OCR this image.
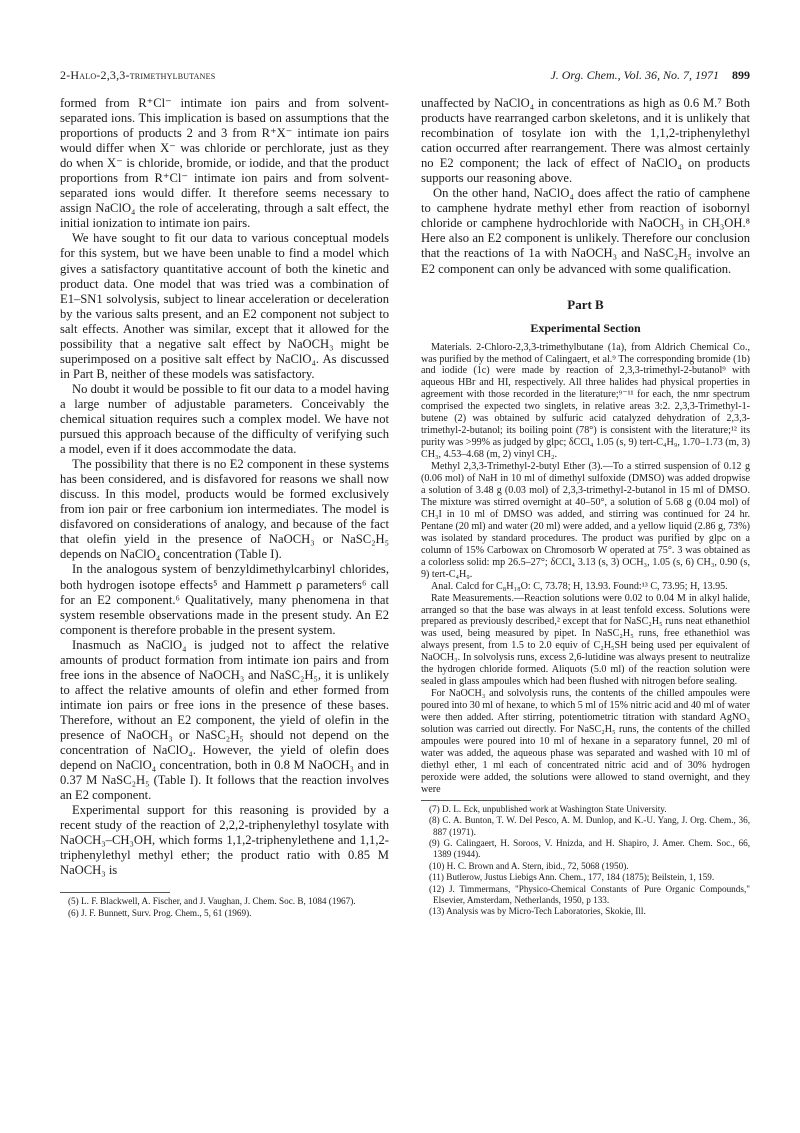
2-Halo-2,3,3-trimethylbutanes	J. Org. Chem., Vol. 36, No. 7, 1971 899

formed from R⁺Cl⁻ intimate ion pairs and from solvent-separated ions. This implication is based on assumptions that the proportions of products 2 and 3 from R⁺X⁻ intimate ion pairs would differ when X⁻ was chloride or perchlorate, just as they do when X⁻ is chloride, bromide, or iodide, and that the product proportions from R⁺Cl⁻ intimate ion pairs and from solvent-separated ions would differ. It therefore seems necessary to assign NaClO₄ the role of accelerating, through a salt effect, the initial ionization to intimate ion pairs.

We have sought to fit our data to various conceptual models for this system, but we have been unable to find a model which gives a satisfactory quantitative account of both the kinetic and product data. One model that was tried was a combination of E1–SN1 solvolysis, subject to linear acceleration or deceleration by the various salts present, and an E2 component not subject to salt effects. Another was similar, except that it allowed for the possibility that a negative salt effect by NaOCH₃ might be superimposed on a positive salt effect by NaClO₄. As discussed in Part B, neither of these models was satisfactory.

No doubt it would be possible to fit our data to a model having a large number of adjustable parameters. Conceivably the chemical situation requires such a complex model. We have not pursued this approach because of the difficulty of verifying such a model, even if it does accommodate the data.

The possibility that there is no E2 component in these systems has been considered, and is disfavored for reasons we shall now discuss. In this model, products would be formed exclusively from ion pair or free carbonium ion intermediates. The model is disfavored on considerations of analogy, and because of the fact that olefin yield in the presence of NaOCH₃ or NaSC₂H₅ depends on NaClO₄ concentration (Table I).

In the analogous system of benzyldimethylcarbinyl chlorides, both hydrogen isotope effects⁵ and Hammett ρ parameters⁶ call for an E2 component.⁶ Qualitatively, many phenomena in that system resemble observations made in the present study. An E2 component is therefore probable in the present system.

Inasmuch as NaClO₄ is judged not to affect the relative amounts of product formation from intimate ion pairs and from free ions in the absence of NaOCH₃ and NaSC₂H₅, it is unlikely to affect the relative amounts of olefin and ether formed from intimate ion pairs or free ions in the presence of these bases. Therefore, without an E2 component, the yield of olefin in the presence of NaOCH₃ or NaSC₂H₅ should not depend on the concentration of NaClO₄. However, the yield of olefin does depend on NaClO₄ concentration, both in 0.8 M NaOCH₃ and in 0.37 M NaSC₂H₅ (Table I). It follows that the reaction involves an E2 component.

Experimental support for this reasoning is provided by a recent study of the reaction of 2,2,2-triphenylethyl tosylate with NaOCH₃–CH₃OH, which forms 1,1,2-triphenylethene and 1,1,2-triphenylethyl methyl ether; the product ratio with 0.85 M NaOCH₃ is

(5) L. F. Blackwell, A. Fischer, and J. Vaughan, J. Chem. Soc. B, 1084 (1967).

(6) J. F. Bunnett, Surv. Prog. Chem., 5, 61 (1969).

unaffected by NaClO₄ in concentrations as high as 0.6 M.⁷ Both products have rearranged carbon skeletons, and it is unlikely that recombination of tosylate ion with the 1,1,2-triphenylethyl cation occurred after rearrangement. There was almost certainly no E2 component; the lack of effect of NaClO₄ on products supports our reasoning above.

On the other hand, NaClO₄ does affect the ratio of camphene to camphene hydrate methyl ether from reaction of isobornyl chloride or camphene hydrochloride with NaOCH₃ in CH₃OH.⁸ Here also an E2 component is unlikely. Therefore our conclusion that the reactions of 1a with NaOCH₃ and NaSC₂H₅ involve an E2 component can only be advanced with some qualification.

Part B

Experimental Section

Materials. 2-Chloro-2,3,3-trimethylbutane (1a), from Aldrich Chemical Co., was purified by the method of Calingaert, et al.⁹ The corresponding bromide (1b) and iodide (1c) were made by reaction of 2,3,3-trimethyl-2-butanol⁹ with aqueous HBr and HI, respectively. All three halides had physical properties in agreement with those recorded in the literature;⁹⁻¹¹ for each, the nmr spectrum comprised the expected two singlets, in relative areas 3:2. 2,3,3-Trimethyl-1-butene (2) was obtained by sulfuric acid catalyzed dehydration of 2,3,3-trimethyl-2-butanol; its boiling point (78°) is consistent with the literature;¹² its purity was >99% as judged by glpc; δCCl₄ 1.05 (s, 9) tert-C₄H₉, 1.70–1.73 (m, 3) CH₃, 4.53–4.68 (m, 2) vinyl CH₂.

Methyl 2,3,3-Trimethyl-2-butyl Ether (3).—To a stirred suspension of 0.12 g (0.06 mol) of NaH in 10 ml of dimethyl sulfoxide (DMSO) was added dropwise a solution of 3.48 g (0.03 mol) of 2,3,3-trimethyl-2-butanol in 15 ml of DMSO. The mixture was stirred overnight at 40–50°, a solution of 5.68 g (0.04 mol) of CH₃I in 10 ml of DMSO was added, and stirring was continued for 24 hr. Pentane (20 ml) and water (20 ml) were added, and a yellow liquid (2.86 g, 73%) was isolated by standard procedures. The product was purified by glpc on a column of 15% Carbowax on Chromosorb W operated at 75°. 3 was obtained as a colorless solid: mp 26.5–27°; δCCl₄ 3.13 (s, 3) OCH₃, 1.05 (s, 6) CH₃, 0.90 (s, 9) tert-C₄H₉.

Anal. Calcd for C₈H₁₈O: C, 73.78; H, 13.93. Found:¹³ C, 73.95; H, 13.95.

Rate Measurements.—Reaction solutions were 0.02 to 0.04 M in alkyl halide, arranged so that the base was always in at least tenfold excess. Solutions were prepared as previously described,² except that for NaSC₂H₅ runs neat ethanethiol was used, being measured by pipet. In NaSC₂H₅ runs, free ethanethiol was always present, from 1.5 to 2.0 equiv of C₂H₅SH being used per equivalent of NaOCH₃. In solvolysis runs, excess 2,6-lutidine was always present to neutralize the hydrogen chloride formed. Aliquots (5.0 ml) of the reaction solution were sealed in glass ampoules which had been flushed with nitrogen before sealing.

For NaOCH₃ and solvolysis runs, the contents of the chilled ampoules were poured into 30 ml of hexane, to which 5 ml of 15% nitric acid and 40 ml of water were then added. After stirring, potentiometric titration with standard AgNO₃ solution was carried out directly. For NaSC₂H₅ runs, the contents of the chilled ampoules were poured into 10 ml of hexane in a separatory funnel, 20 ml of water was added, the aqueous phase was separated and washed with 10 ml of diethyl ether, 1 ml each of concentrated nitric acid and of 30% hydrogen peroxide were added, the solutions were allowed to stand overnight, and they were

(7) D. L. Eck, unpublished work at Washington State University.

(8) C. A. Bunton, T. W. Del Pesco, A. M. Dunlop, and K.-U. Yang, J. Org. Chem., 36, 887 (1971).

(9) G. Calingaert, H. Soroos, V. Hnizda, and H. Shapiro, J. Amer. Chem. Soc., 66, 1389 (1944).

(10) H. C. Brown and A. Stern, ibid., 72, 5068 (1950).

(11) Butlerow, Justus Liebigs Ann. Chem., 177, 184 (1875); Beilstein, 1, 159.

(12) J. Timmermans, "Physico-Chemical Constants of Pure Organic Compounds," Elsevier, Amsterdam, Netherlands, 1950, p 133.

(13) Analysis was by Micro-Tech Laboratories, Skokie, Ill.
